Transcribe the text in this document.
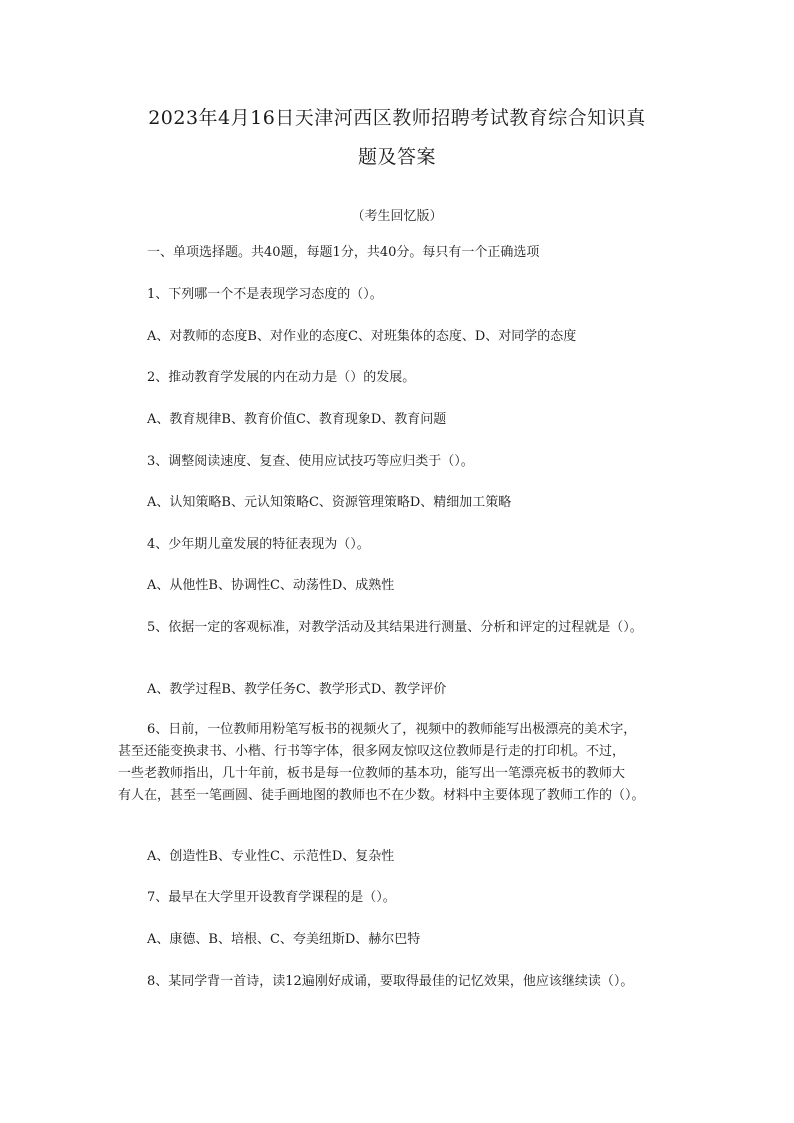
2023年4月16日天津河西区教师招聘考试教育综合知识真
题及答案
（考生回忆版）
一、单项选择题。共40题，每题1分，共40分。每只有一个正确选项
1、下列哪一个不是表现学习态度的（）。
A、对教师的态度B、对作业的态度C、对班集体的态度、D、对同学的态度
2、推动教育学发展的内在动力是（）的发展。
A、教育规律B、教育价值C、教育现象D、教育问题
3、调整阅读速度、复查、使用应试技巧等应归类于（）。
A、认知策略B、元认知策略C、资源管理策略D、精细加工策略
4、少年期儿童发展的特征表现为（）。
A、从他性B、协调性C、动荡性D、成熟性
5、依据一定的客观标准，对教学活动及其结果进行测量、分析和评定的过程就是（）。
A、教学过程B、教学任务C、教学形式D、教学评价
6、日前，一位教师用粉笔写板书的视频火了，视频中的教师能写出极漂亮的美术字，
甚至还能变换隶书、小楷、行书等字体，很多网友惊叹这位教师是行走的打印机。不过，
一些老教师指出，几十年前，板书是每一位教师的基本功，能写出一笔漂亮板书的教师大
有人在，甚至一笔画圆、徒手画地图的教师也不在少数。材料中主要体现了教师工作的（）。
A、创造性B、专业性C、示范性D、复杂性
7、最早在大学里开设教育学课程的是（）。
A、康德、B、培根、C、夸美纽斯D、赫尔巴特
8、某同学背一首诗，读12遍刚好成诵，要取得最佳的记忆效果，他应该继续读（）。
